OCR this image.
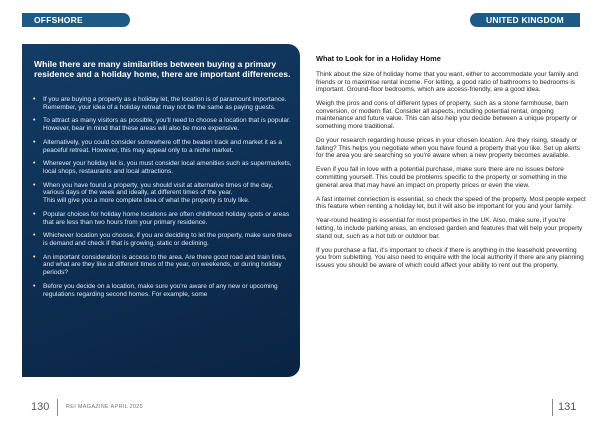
OFFSHORE	UNITED KINGDOM
While there are many similarities between buying a primary residence and a holiday home, there are important differences.
• If you are buying a property as a holiday let, the location is of paramount importance. Remember, your idea of a holiday retreat may not be the same as paying guests.
• To attract as many visitors as possible, you'll need to choose a location that is popular. However, bear in mind that these areas will also be more expensive.
• Alternatively, you could consider somewhere off the beaten track and market it as a peaceful retreat. However, this may appeal only to a niche market.
• Wherever your holiday let is, you must consider local amenities such as supermarkets, local shops, restaurants and local attractions.
• When you have found a property, you should visit at alternative times of the day, various days of the week and ideally, at different times of the year.
This will give you a more complete idea of what the property is truly like.
• Popular choices for holiday home locations are often childhood holiday spots or areas that are less than two hours from your primary residence.
• Whichever location you choose, if you are deciding to let the property, make sure there is demand and check if that is growing, static or declining.
• An important consideration is access to the area. Are there good road and train links, and what are they like at different times of the year, on weekends, or during holiday periods?
• Before you decide on a location, make sure you're aware of any new or upcoming regulations regarding second homes. For example, some
What to Look for in a Holiday Home

Think about the size of holiday home that you want, either to accommodate your family and friends or to maximise rental income. For letting, a good ratio of bathrooms to bedrooms is important. Ground-floor bedrooms, which are access-friendly, are a good idea.

Weigh the pros and cons of different types of property, such as a stone farmhouse, barn conversion, or modern flat. Consider all aspects, including potential rental, ongoing maintenance and future value. This can also help you decide between a unique property or something more traditional.

Do your research regarding house prices in your chosen location. Are they rising, steady or falling? This helps you negotiate when you have found a property that you like. Set up alerts for the area you are searching so you're aware when a new property becomes available.

Even if you fall in love with a potential purchase, make sure there are no issues before committing yourself. This could be problems specific to the property or something in the general area that may have an impact on property prices or even the view.

A fast internet connection is essential, so check the speed of the property. Most people expect this feature when renting a holiday let, but it will also be important for you and your family.

Year-round heating is essential for most properties in the UK. Also, make sure, if you're letting, to include parking areas, an enclosed garden and features that will help your property stand out, such as a hot tub or outdoor bar.

If you purchase a flat, it's important to check if there is anything in the leasehold preventing you from subletting. You also need to enquire with the local authority if there are any planning issues you should be aware of which could affect your ability to rent out the property.

130	REI MAGAZINE APRIL 2025	131
